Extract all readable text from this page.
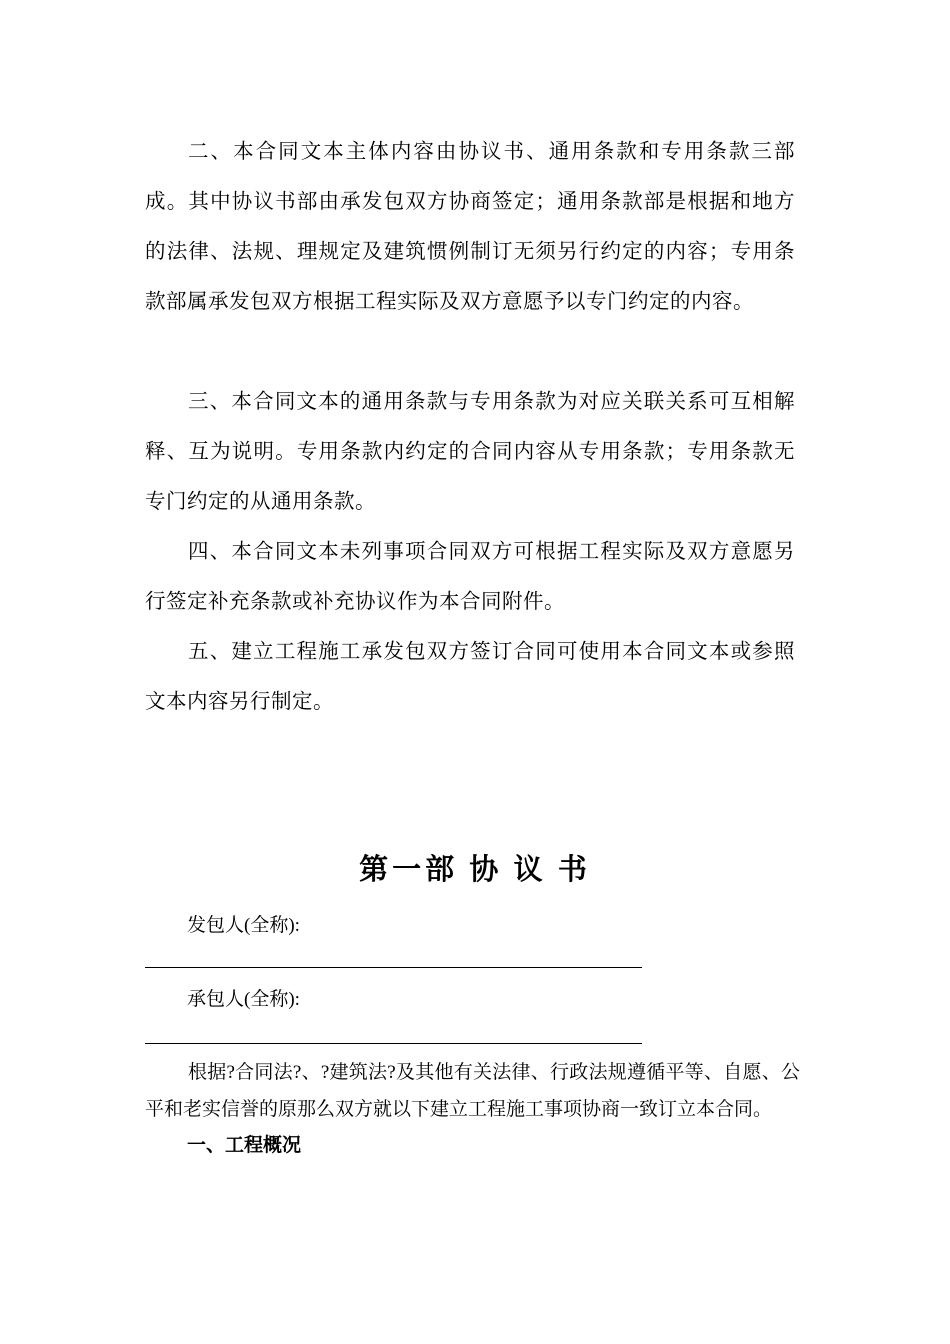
二、本合同文本主体内容由协议书、通用条款和专用条款三部成。其中协议书部由承发包双方协商签定；通用条款部是根据和地方的法律、法规、理规定及建筑惯例制订无须另行约定的内容；专用条款部属承发包双方根据工程实际及双方意愿予以专门约定的内容。

三、本合同文本的通用条款与专用条款为对应关联关系可互相解释、互为说明。专用条款内约定的合同内容从专用条款；专用条款无专门约定的从通用条款。

四、本合同文本未列事项合同双方可根据工程实际及双方意愿另行签定补充条款或补充协议作为本合同附件。

五、建立工程施工承发包双方签订合同可使用本合同文本或参照文本内容另行制定。

第一部 协 议 书

发包人(全称):

承包人(全称):

根据?合同法?、?建筑法?及其他有关法律、行政法规遵循平等、自愿、公平和老实信誉的原那么双方就以下建立工程施工事项协商一致订立本合同。

一、工程概况
